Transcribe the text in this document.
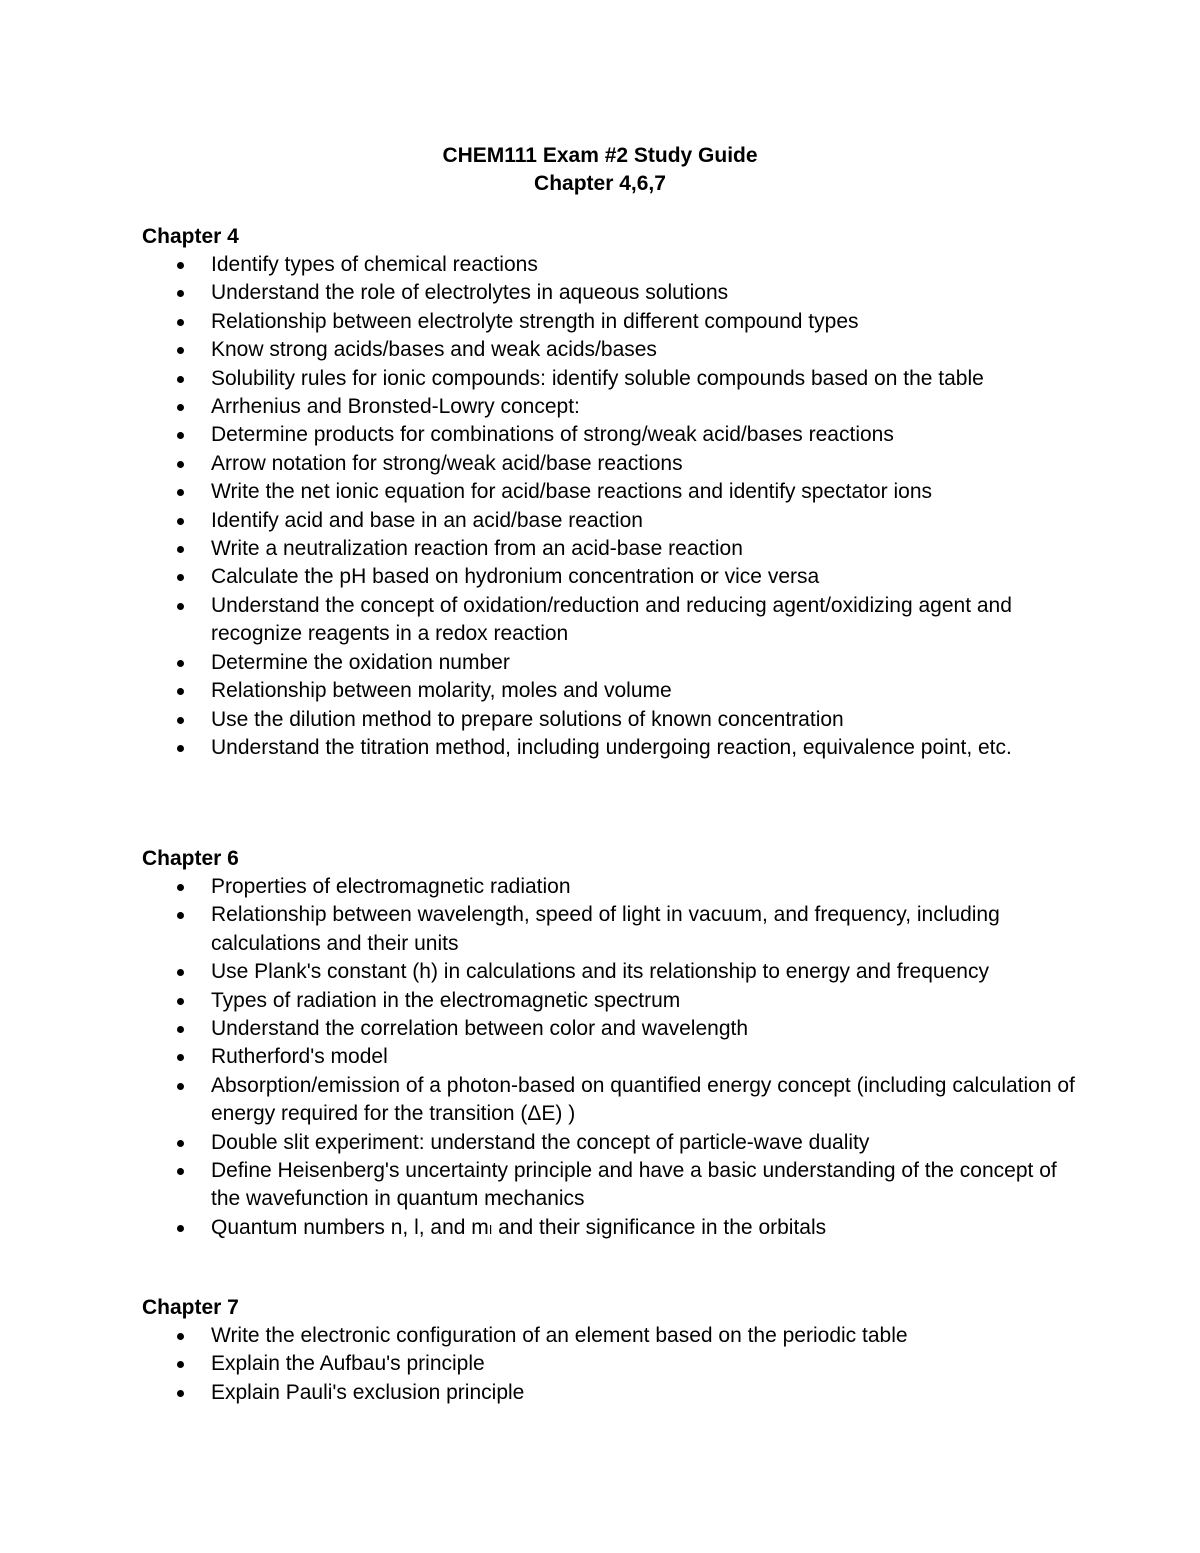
CHEM111 Exam #2 Study Guide
Chapter 4,6,7
Chapter 4
Identify types of chemical reactions
Understand the role of electrolytes in aqueous solutions
Relationship between electrolyte strength in different compound types
Know strong acids/bases and weak acids/bases
Solubility rules for ionic compounds: identify soluble compounds based on the table
Arrhenius and Bronsted-Lowry concept:
Determine products for combinations of strong/weak acid/bases reactions
Arrow notation for strong/weak acid/base reactions
Write the net ionic equation for acid/base reactions and identify spectator ions
Identify acid and base in an acid/base reaction
Write a neutralization reaction from an acid-base reaction
Calculate the pH based on hydronium concentration or vice versa
Understand the concept of oxidation/reduction and reducing agent/oxidizing agent and recognize reagents in a redox reaction
Determine the oxidation number
Relationship between molarity, moles and volume
Use the dilution method to prepare solutions of known concentration
Understand the titration method, including undergoing reaction, equivalence point, etc.
Chapter 6
Properties of electromagnetic radiation
Relationship between wavelength, speed of light in vacuum, and frequency, including calculations and their units
Use Plank's constant (h) in calculations and its relationship to energy and frequency
Types of radiation in the electromagnetic spectrum
Understand the correlation between color and wavelength
Rutherford's model
Absorption/emission of a photon-based on quantified energy concept (including calculation of energy required for the transition (ΔE) )
Double slit experiment: understand the concept of particle-wave duality
Define Heisenberg's uncertainty principle and have a basic understanding of the concept of the wavefunction in quantum mechanics
Quantum numbers n, l, and mₗ and their significance in the orbitals
Chapter 7
Write the electronic configuration of an element based on the periodic table
Explain the Aufbau's principle
Explain Pauli's exclusion principle
